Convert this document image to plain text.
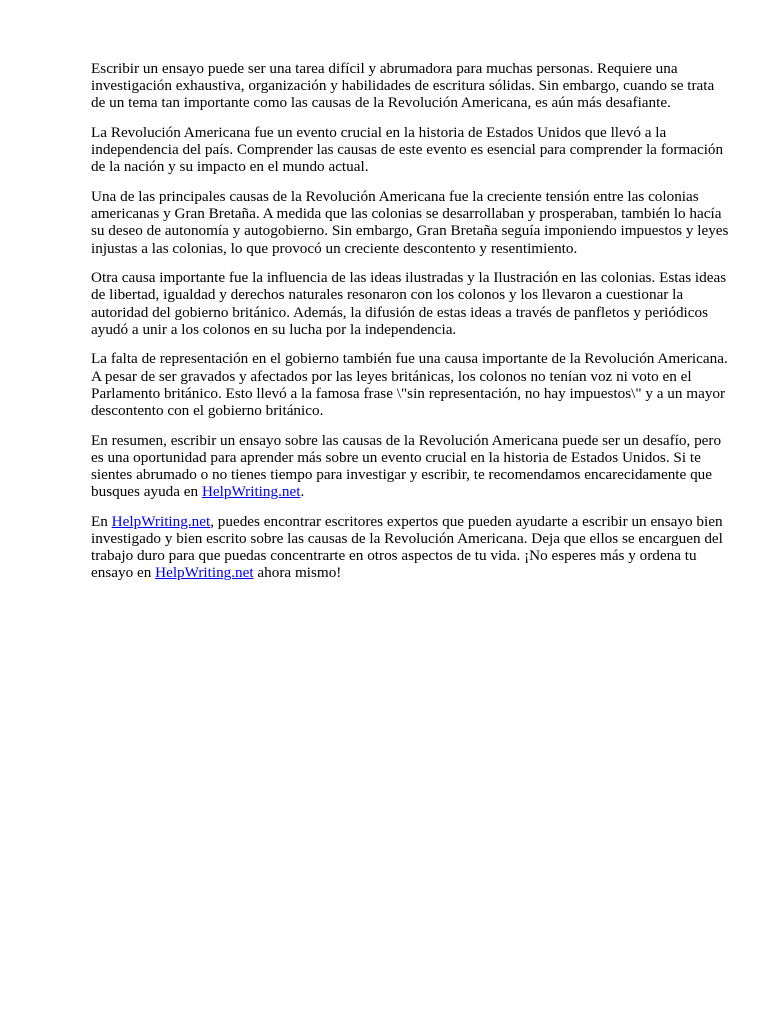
Escribir un ensayo puede ser una tarea difícil y abrumadora para muchas personas. Requiere una investigación exhaustiva, organización y habilidades de escritura sólidas. Sin embargo, cuando se trata de un tema tan importante como las causas de la Revolución Americana, es aún más desafiante.

La Revolución Americana fue un evento crucial en la historia de Estados Unidos que llevó a la independencia del país. Comprender las causas de este evento es esencial para comprender la formación de la nación y su impacto en el mundo actual.

Una de las principales causas de la Revolución Americana fue la creciente tensión entre las colonias americanas y Gran Bretaña. A medida que las colonias se desarrollaban y prosperaban, también lo hacía su deseo de autonomía y autogobierno. Sin embargo, Gran Bretaña seguía imponiendo impuestos y leyes injustas a las colonias, lo que provocó un creciente descontento y resentimiento.

Otra causa importante fue la influencia de las ideas ilustradas y la Ilustración en las colonias. Estas ideas de libertad, igualdad y derechos naturales resonaron con los colonos y los llevaron a cuestionar la autoridad del gobierno británico. Además, la difusión de estas ideas a través de panfletos y periódicos ayudó a unir a los colonos en su lucha por la independencia.

La falta de representación en el gobierno también fue una causa importante de la Revolución Americana. A pesar de ser gravados y afectados por las leyes británicas, los colonos no tenían voz ni voto en el Parlamento británico. Esto llevó a la famosa frase \"sin representación, no hay impuestos\" y a un mayor descontento con el gobierno británico.

En resumen, escribir un ensayo sobre las causas de la Revolución Americana puede ser un desafío, pero es una oportunidad para aprender más sobre un evento crucial en la historia de Estados Unidos. Si te sientes abrumado o no tienes tiempo para investigar y escribir, te recomendamos encarecidamente que busques ayuda en HelpWriting.net.

En HelpWriting.net, puedes encontrar escritores expertos que pueden ayudarte a escribir un ensayo bien investigado y bien escrito sobre las causas de la Revolución Americana. Deja que ellos se encarguen del trabajo duro para que puedas concentrarte en otros aspectos de tu vida. ¡No esperes más y ordena tu ensayo en HelpWriting.net ahora mismo!
